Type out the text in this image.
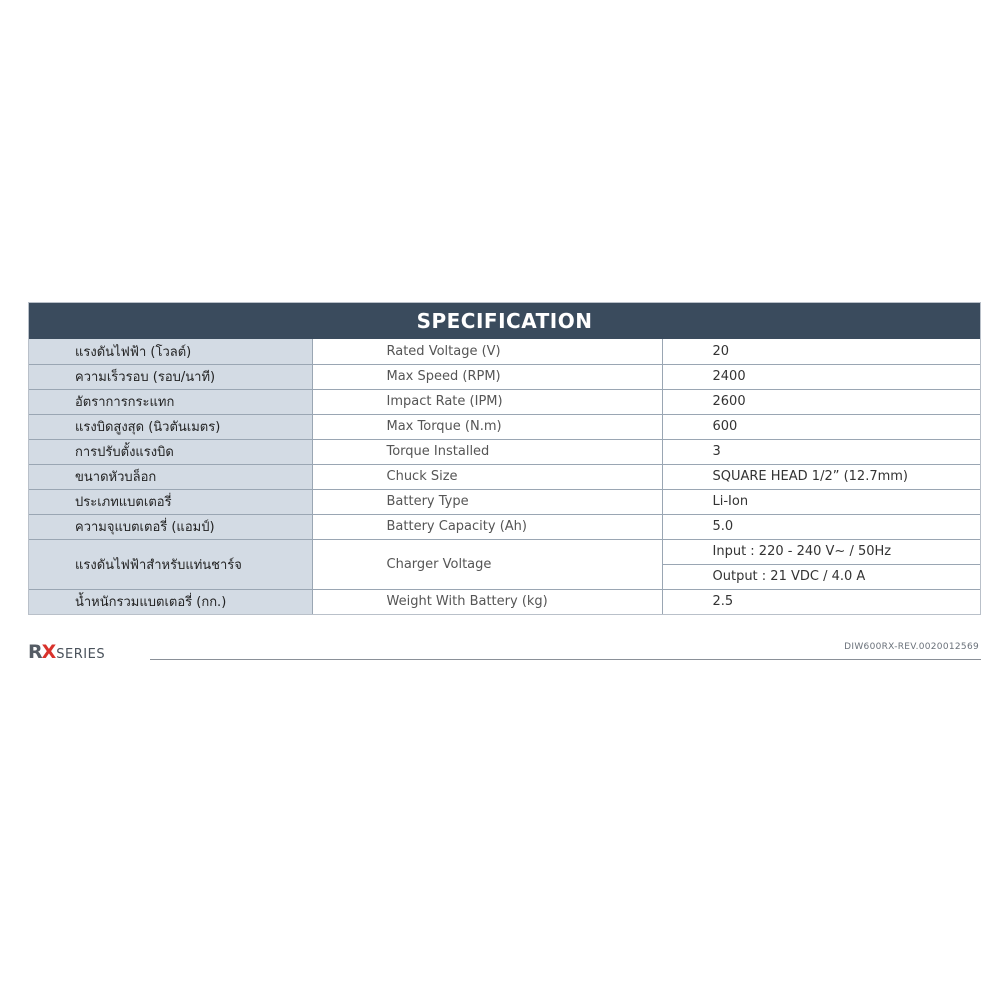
SPECIFICATION
แรงดันไฟฟ้า (โวลต์)	Rated Voltage (V)	20
ความเร็วรอบ (รอบ/นาที)	Max Speed (RPM)	2400
อัตราการกระแทก	Impact Rate (IPM)	2600
แรงบิดสูงสุด (นิวตันเมตร)	Max Torque (N.m)	600
การปรับตั้งแรงบิด	Torque Installed	3
ขนาดหัวบล็อก	Chuck Size	SQUARE HEAD 1/2” (12.7mm)
ประเภทแบตเตอรี่	Battery Type	Li-Ion
ความจุแบตเตอรี่ (แอมป์)	Battery Capacity (Ah)	5.0
แรงดันไฟฟ้าสำหรับแท่นชาร์จ	Charger Voltage	Input : 220 - 240 V~ / 50Hz
		Output : 21 VDC / 4.0 A
น้ำหนักรวมแบตเตอรี่ (กก.)	Weight With Battery (kg)	2.5
RXSERIES	DIW600RX-REV.0020012569
